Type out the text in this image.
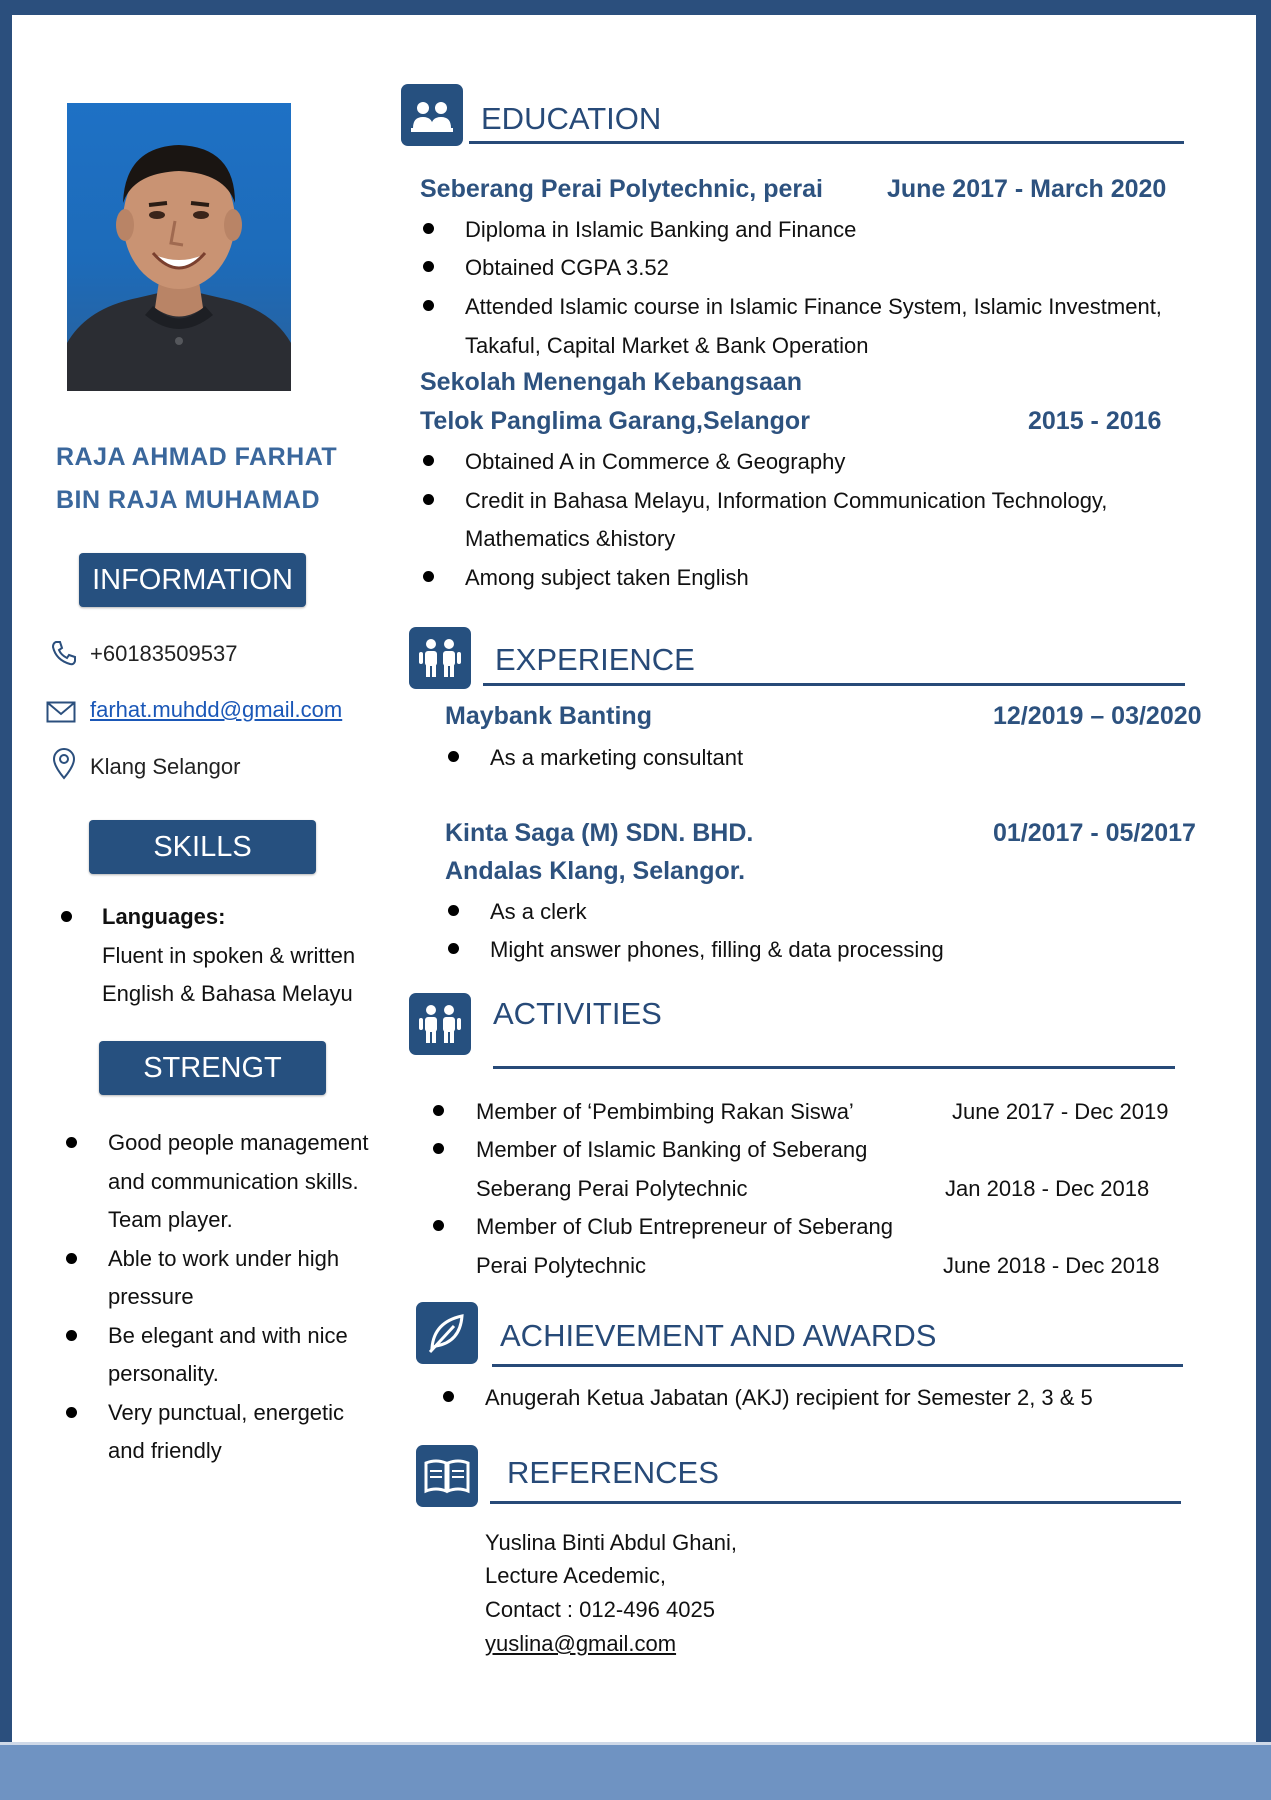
RAJA AHMAD FARHAT
BIN RAJA MUHAMAD
INFORMATION
+60183509537
farhat.muhdd@gmail.com
Klang Selangor
SKILLS
Languages:
Fluent in spoken & written
English & Bahasa Melayu
STRENGT
Good people management
and communication skills.
Team player.
Able to work under high
pressure
Be elegant and with nice
personality.
Very punctual, energetic
and friendly
EDUCATION
Seberang Perai Polytechnic, perai	June 2017 - March 2020
Diploma in Islamic Banking and Finance
Obtained CGPA 3.52
Attended Islamic course in Islamic Finance System, Islamic Investment,
Takaful, Capital Market & Bank Operation
Sekolah Menengah Kebangsaan
Telok Panglima Garang,Selangor	2015 - 2016
Obtained A in Commerce & Geography
Credit in Bahasa Melayu, Information Communication Technology,
Mathematics &history
Among subject taken English
EXPERIENCE
Maybank Banting	12/2019 – 03/2020
As a marketing consultant
Kinta Saga (M) SDN. BHD.	01/2017 - 05/2017
Andalas Klang, Selangor.
As a clerk
Might answer phones, filling & data processing
ACTIVITIES
Member of ‘Pembimbing Rakan Siswa’	June 2017 - Dec 2019
Member of Islamic Banking of Seberang
Seberang Perai Polytechnic	Jan 2018 - Dec 2018
Member of Club Entrepreneur of Seberang
Perai Polytechnic	June 2018 - Dec 2018
ACHIEVEMENT AND AWARDS
Anugerah Ketua Jabatan (AKJ) recipient for Semester 2, 3 & 5
REFERENCES
Yuslina Binti Abdul Ghani,
Lecture Acedemic,
Contact : 012-496 4025
yuslina@gmail.com
